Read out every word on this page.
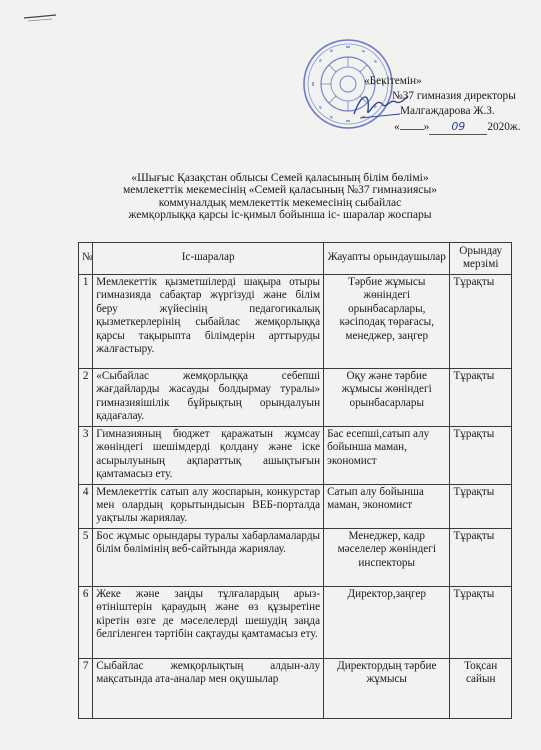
«Бекітемін»
№37 гимназия директоры
Малгаждарова Ж.З.
« » 09 2020ж.
«Шығыс Қазақстан облысы Семей қаласының білім бөлімі»
мемлекеттік мекемесінің «Семей қаласының №37 гимназиясы»
коммуналдық мемлекеттік мекемесінің сыбайлас
жемқорлыққа қарсы іс-қимыл бойынша іс- шаралар жоспары
№	Іс-шаралар	Жауапты орындаушылар	Орындау мерзімі
1	Мемлекеттік қызметшілерді шақыра отыры гимназияда сабақтар жүргізуді және білім беру жүйесінің педагогикалық қызметкерлерінің сыбайлас жемқорлыққа қарсы тақырыпта білімдерін арттыруды жалғастыру.	Тәрбие жұмысы жөніндегі орынбасарлары, кәсіподақ төрағасы, менеджер, заңгер	Тұрақты
2	«Сыбайлас жемқорлыққа себепші жағдайларды жасауды болдырмау туралы» гимназияішілік бұйрықтың орындалуын қадағалау.	Оқу және тәрбие жұмысы жөніндегі орынбасарлары	Тұрақты
3	Гимназияның бюджет қаражатын жұмсау жөніндегі шешімдерді қолдану және іске асырылуының ақпараттық ашықтығын қамтамасыз ету.	Бас есепші,сатып алу бойынша маман, экономист	Тұрақты
4	Мемлекеттік сатып алу жоспарын, конкурстар мен олардың қорытындысын ВЕБ-порталда уақтылы жариялау.	Сатып алу бойынша маман, экономист	Тұрақты
5	Бос жұмыс орындары туралы хабарламаларды білім бөлімінің веб-сайтында жариялау.	Менеджер, кадр мәселелер жөніндегі инспекторы	Тұрақты
6	Жеке және заңды тұлғалардың арыз-өтініштерін қараудың және өз құзыретіне кіретін өзге де мәселелерді шешудің заңда белгіленген тәртібін сақтауды қамтамасыз ету.	Директор,заңгер	Тұрақты
7	Сыбайлас жемқорлықтың алдын-алу мақсатында ата-аналар мен оқушылар	Директордың тәрбие жұмысы	Тоқсан сайын
